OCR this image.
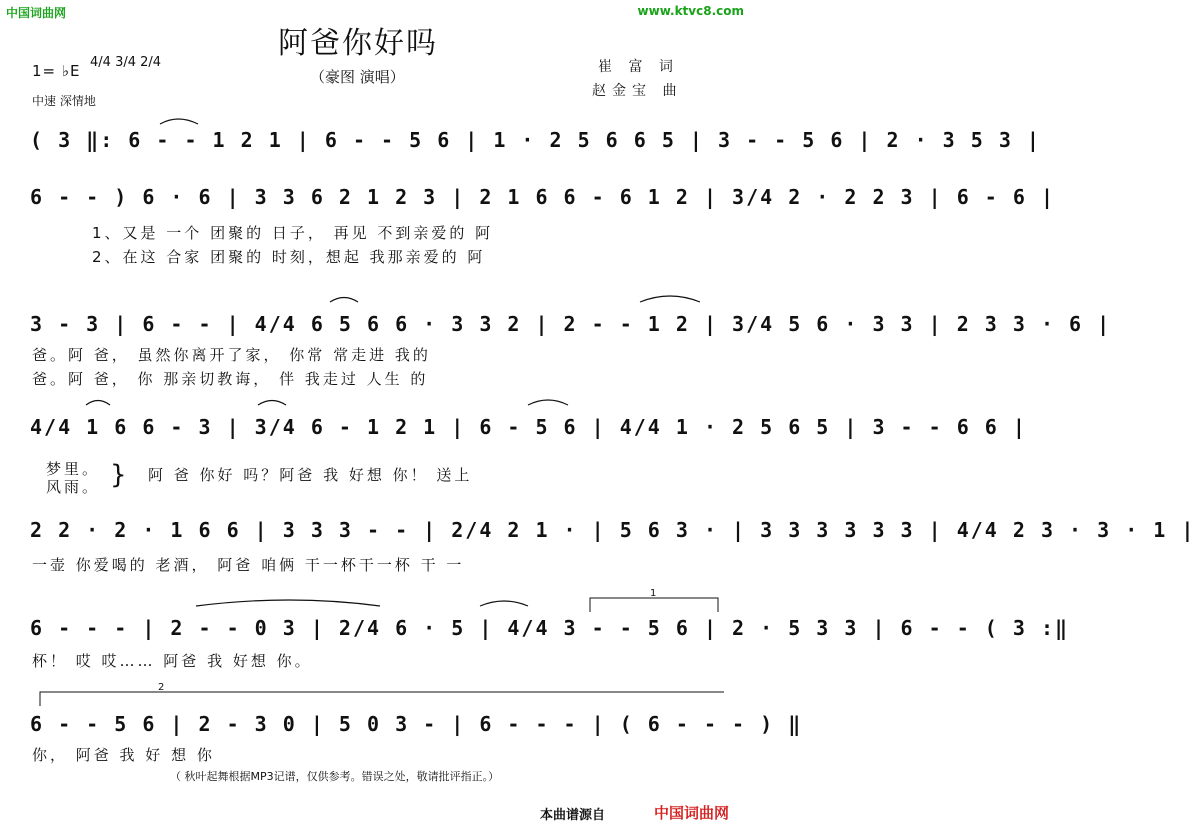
中国词曲网	www.ktvc8.com
阿爸你好吗
（豪图 演唱）
1= ♭E 4/4 3/4 2/4
中速 深情地
崔 富 词
赵金宝 曲
( 3 ‖: 6 - - 1 2 1 | 6 - - 5 6 | 1 · 2 5 6 6 5 | 3 - - 5 6 | 2 · 3 5 3 |
6 - - ) 6 · 6 | 3 3 6 2 1 2 3 | 2 1 6 6 - 6 1 2 | 3/4 2 · 2 2 3 | 6 - 6 |
1、又是 一个 团聚的 日子， 再见 不到亲爱的 阿
2、在这 合家 团聚的 时刻，想起 我那亲爱的 阿
3 - 3 | 6 - - | 4/4 6 5 6 6 · 3 3 2 | 2 - - 1 2 | 3/4 5 6 · 3 3 | 2 3 3 · 6 |
爸。阿 爸， 虽然你离开了家， 你常 常走进 我的
爸。阿 爸， 你 那亲切教诲， 伴 我走过 人生 的
4/4 1 6 6 - 3 | 3/4 6 - 1 2 1 | 6 - 5 6 | 4/4 1 · 2 5 6 5 | 3 - - 6 6 |
梦里。
风雨。 } 阿 爸 你好 吗？阿爸 我 好想 你！ 送上
2 2 · 2 · 1 6 6 | 3 3 3 - - | 2/4 2 1 · | 5 6 3 · | 3 3 3 3 3 3 | 4/4 2 3 · 3 · 1 |
一壶 你爱喝的 老酒， 阿爸 咱俩 干一杯干一杯 干 一
6 - - - | 2 - - 0 3 | 2/4 6 · 5 | 4/4 3 - - 5 6 | 2 · 5 3 3 | 6 - - ( 3 :‖
杯！ 哎 哎…… 阿爸 我 好想 你。
6 - - 5 6 | 2 - 3 0 | 5 0 3 - | 6 - - - | ( 6 - - - ) ‖
你， 阿爸 我 好 想 你
1
2
（ 秋叶起舞根据MP3记谱，仅供参考。错误之处，敬请批评指正。）
本曲谱源自	中国词曲网
